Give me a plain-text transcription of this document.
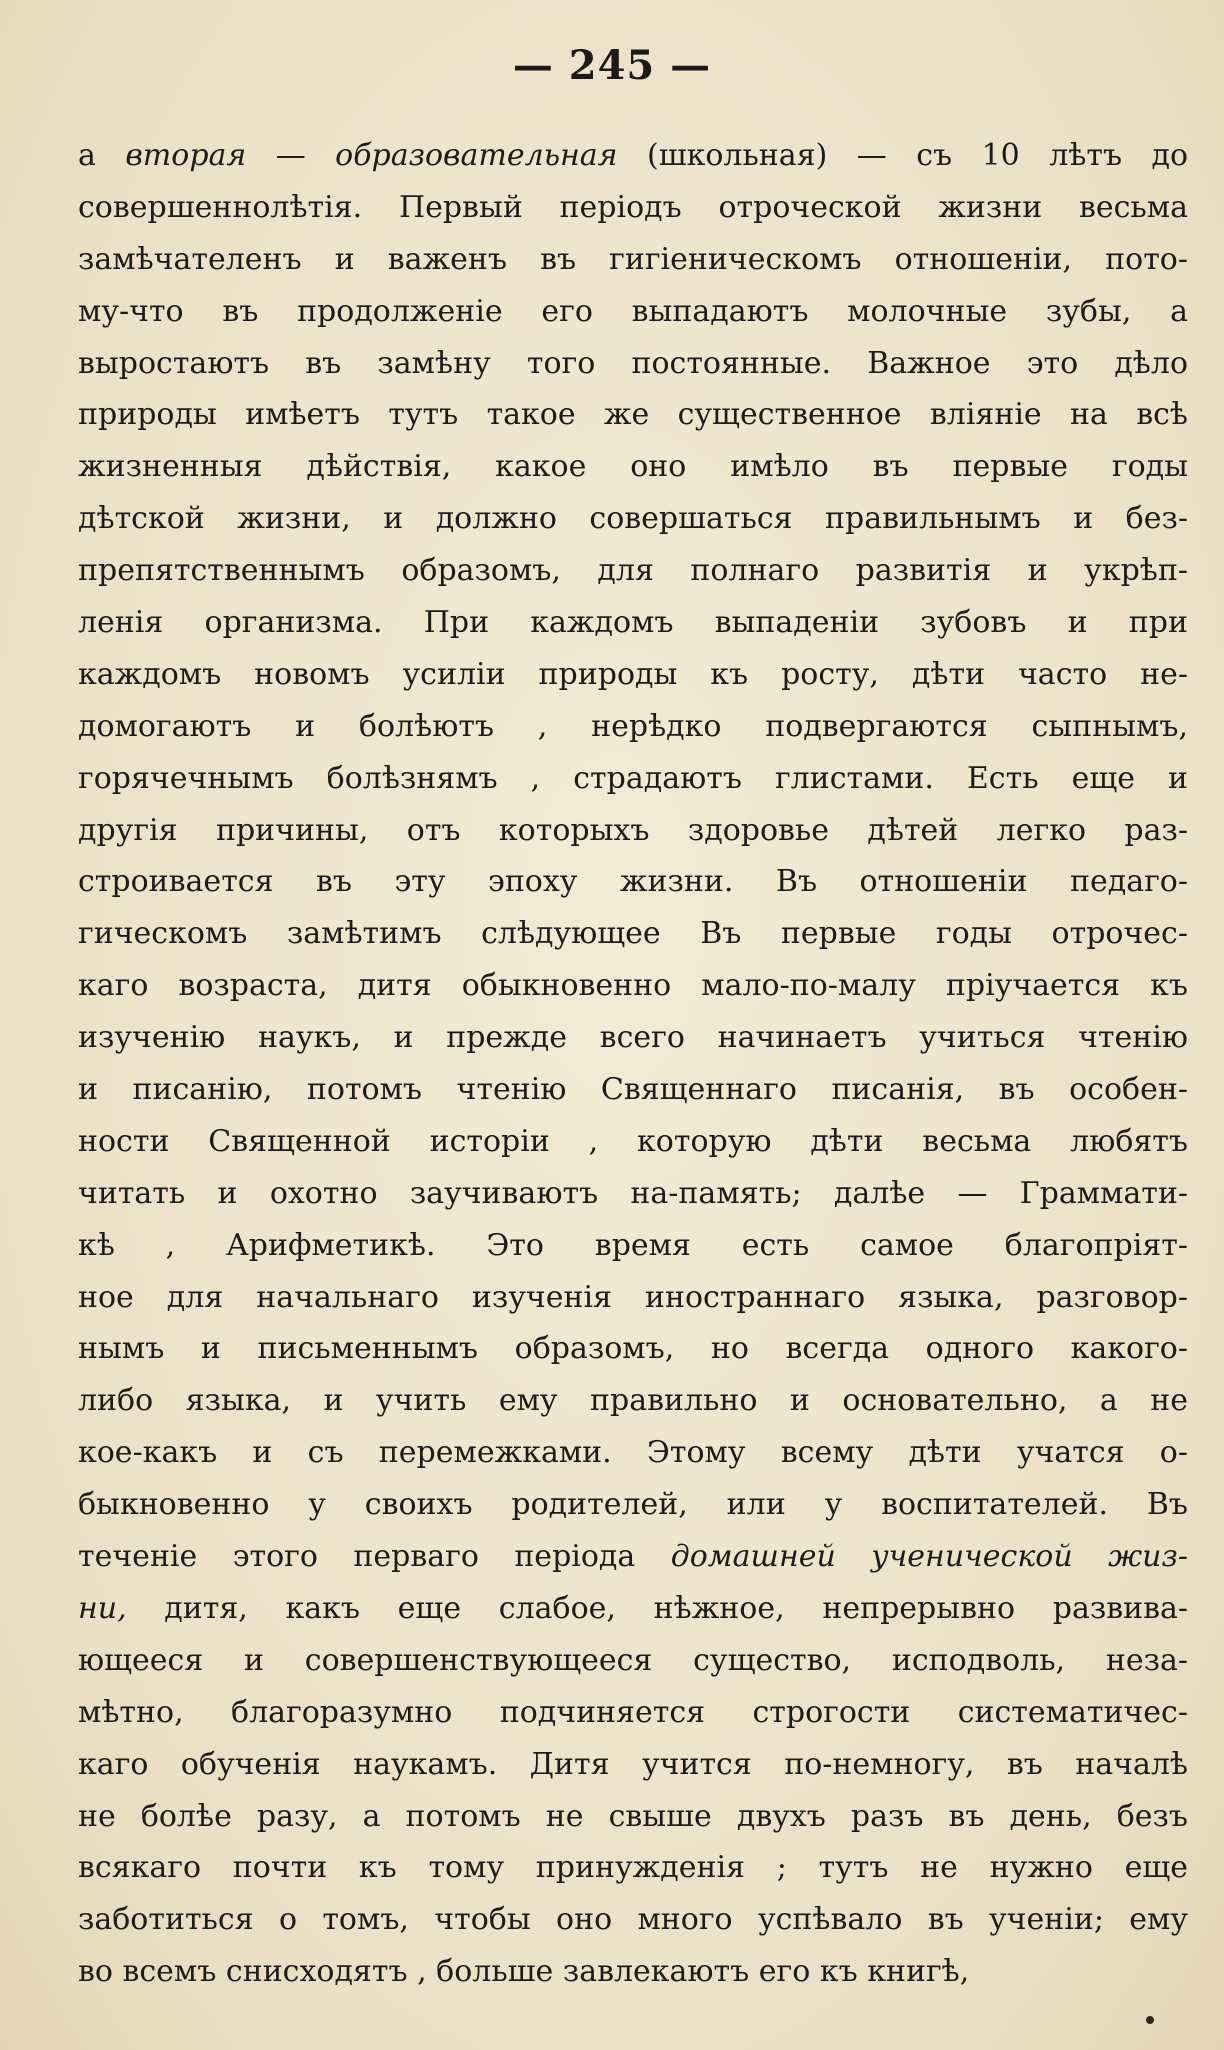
— 245 —
а вторая — образовательная (школьная) — съ 10 лѣтъ до
совершеннолѣтія. Первый періодъ отроческой жизни весьма
замѣчателенъ и важенъ въ гигіеническомъ отношеніи, пото-
му-что въ продолженіе его выпадаютъ молочные зубы, а
выростаютъ въ замѣну того постоянные. Важное это дѣло
природы имѣетъ тутъ такое же существенное вліяніе на всѣ
жизненныя дѣйствія, какое оно имѣло въ первые годы
дѣтской жизни, и должно совершаться правильнымъ и без-
препятственнымъ образомъ, для полнаго развитія и укрѣп-
ленія организма. При каждомъ выпаденіи зубовъ и при
каждомъ новомъ усиліи природы къ росту, дѣти часто не-
домогаютъ и болѣютъ , нерѣдко подвергаются сыпнымъ,
горячечнымъ болѣзнямъ , страдаютъ глистами. Есть еще и
другія причины, отъ которыхъ здоровье дѣтей легко раз-
строивается въ эту эпоху жизни. Въ отношеніи педаго-
гическомъ замѣтимъ слѣдующее Въ первые годы отрочес-
каго возраста, дитя обыкновенно мало-по-малу пріучается къ
изученію наукъ, и прежде всего начинаетъ учиться чтенію
и писанію, потомъ чтенію Священнаго писанія, въ особен-
ности Священной исторіи , которую дѣти весьма любятъ
читать и охотно заучиваютъ на-память; далѣе — Граммати-
кѣ , Арифметикѣ. Это время есть самое благопріят-
ное для начальнаго изученія иностраннаго языка, разговор-
нымъ и письменнымъ образомъ, но всегда одного какого-
либо языка, и учить ему правильно и основательно, а не
кое-какъ и съ перемежками. Этому всему дѣти учатся о-
быкновенно у своихъ родителей, или у воспитателей. Въ
теченіе этого перваго періода домашней ученической жиз-
ни, дитя, какъ еще слабое, нѣжное, непрерывно развива-
ющееся и совершенствующееся существо, исподволь, неза-
мѣтно, благоразумно подчиняется строгости систематичес-
каго обученія наукамъ. Дитя учится по-немногу, въ началѣ
не болѣе разу, а потомъ не свыше двухъ разъ въ день, безъ
всякаго почти къ тому принужденія ; тутъ не нужно еще
заботиться о томъ, чтобы оно много успѣвало въ ученіи; ему
во всемъ снисходятъ , больше завлекаютъ его къ книгѣ,
